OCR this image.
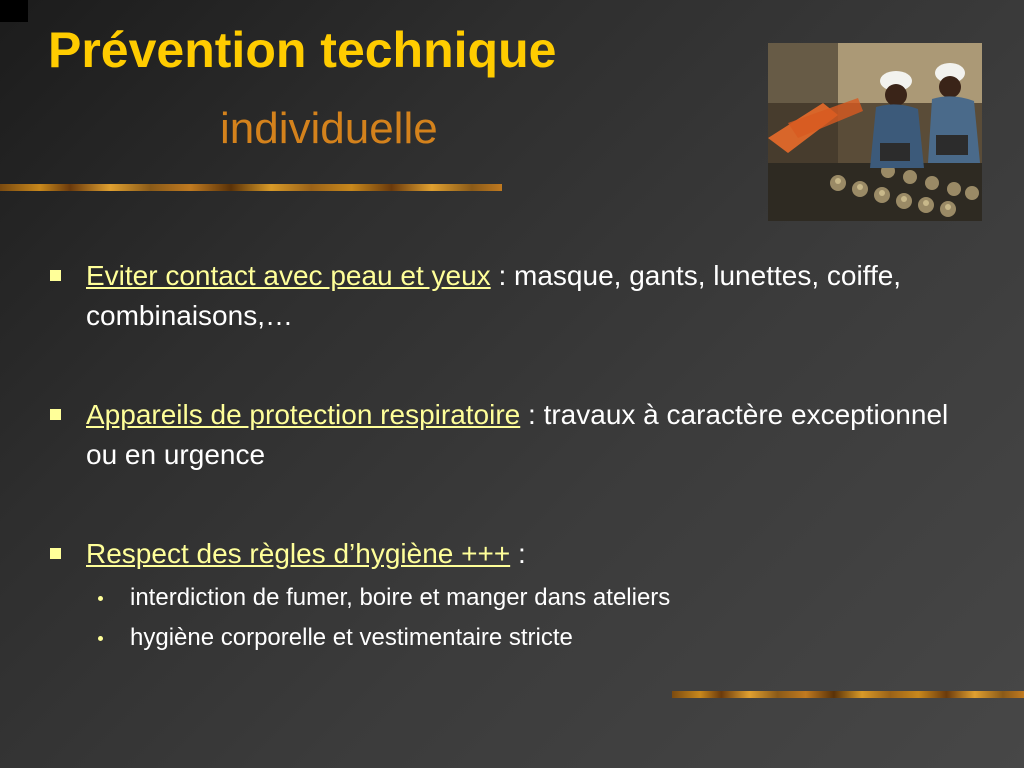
Prévention technique
individuelle
Eviter contact avec peau et yeux : masque, gants, lunettes, coiffe, combinaisons,…
Appareils de protection respiratoire : travaux à caractère exceptionnel ou en urgence
Respect des règles d’hygiène +++ :
interdiction de fumer, boire et manger dans ateliers
hygiène corporelle et vestimentaire stricte
